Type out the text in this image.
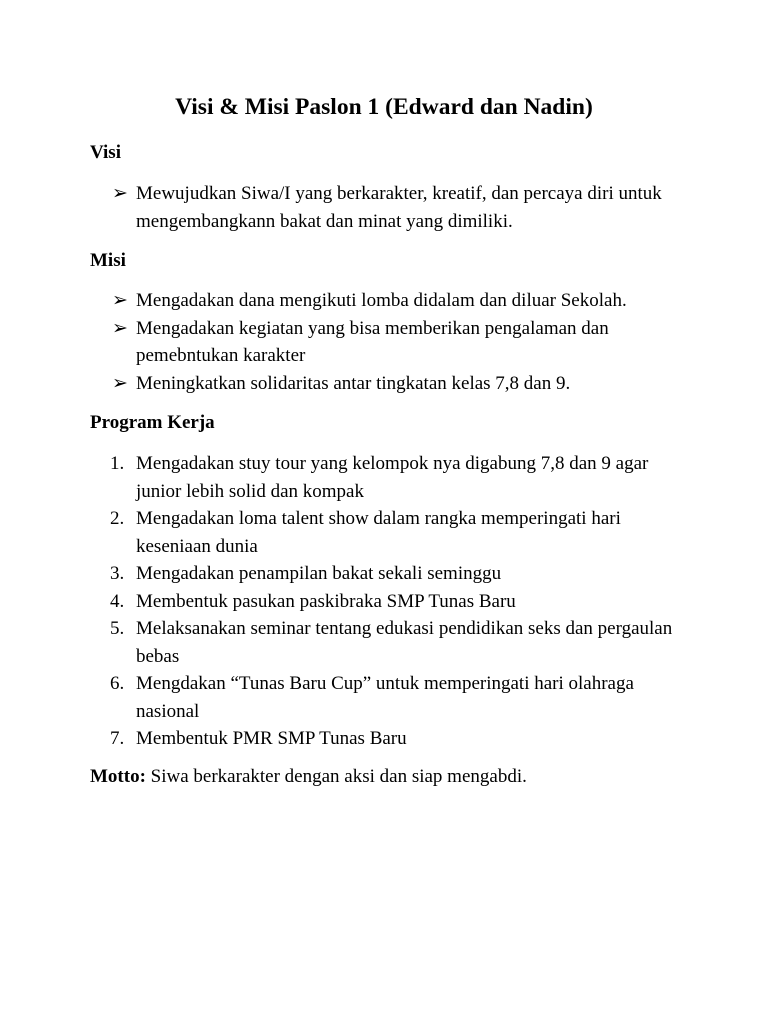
Visi & Misi Paslon 1 (Edward dan Nadin)

Visi

➢ Mewujudkan Siwa/I yang berkarakter, kreatif, dan percaya diri untuk mengembangkann bakat dan minat yang dimiliki.

Misi

➢ Mengadakan dana mengikuti lomba didalam dan diluar Sekolah.
➢ Mengadakan kegiatan yang bisa memberikan pengalaman dan pemebntukan karakter
➢ Meningkatkan solidaritas antar tingkatan kelas 7,8 dan 9.

Program Kerja

1. Mengadakan stuy tour yang kelompok nya digabung 7,8 dan 9 agar junior lebih solid dan kompak
2. Mengadakan loma talent show dalam rangka memperingati hari keseniaan dunia
3. Mengadakan penampilan bakat sekali seminggu
4. Membentuk pasukan paskibraka SMP Tunas Baru
5. Melaksanakan seminar tentang edukasi pendidikan seks dan pergaulan bebas
6. Mengdakan “Tunas Baru Cup” untuk memperingati hari olahraga nasional
7. Membentuk PMR SMP Tunas Baru

Motto: Siwa berkarakter dengan aksi dan siap mengabdi.
